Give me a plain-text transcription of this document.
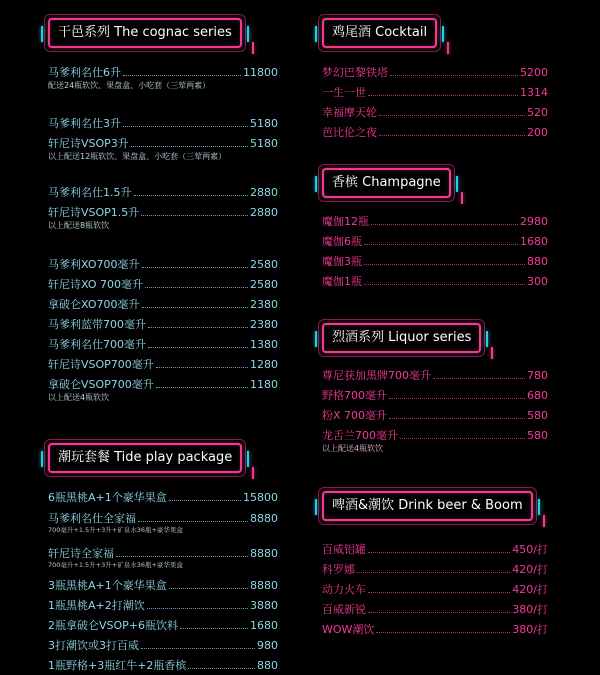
干邑系列 The cognac series
马爹利名仕6升	11800
配送24瓶软饮、果盘盒、小吃套（三荤两素）
马爹利名仕3升	5180
轩尼诗VSOP3升	5180
以上配送12瓶软饮、果盘盒、小吃套（三荤两素）
马爹利名仕1.5升	2880
轩尼诗VSOP1.5升	2880
以上配送8瓶软饮
马爹利XO700毫升	2580
轩尼诗XO 700毫升	2580
拿破仑XO700毫升	2380
马爹利蓝带700毫升	2380
马爹利名仕700毫升	1380
轩尼诗VSOP700毫升	1280
拿破仑VSOP700毫升	1180
以上配送4瓶软饮
潮玩套餐 Tide play package
6瓶黑桃A+1个豪华果盒	15800
马爹利名仕全家福	8880
700毫升+1.5升+3升+矿泉水36瓶+豪华果盒
轩尼诗全家福	8880
700毫升+1.5升+3升+矿泉水36瓶+豪华果盒
3瓶黑桃A+1个豪华果盒	8880
1瓶黑桃A+2打潮饮	3880
2瓶拿破仑VSOP+6瓶饮料	1680
3打潮饮或3打百威	980
1瓶野格+3瓶红牛+2瓶香槟	880
鸡尾酒 Cocktail
梦幻巴黎铁塔	5200
一生一世	1314
幸福摩天轮	520
芭比伦之夜	200
香槟 Champagne
魔伽12瓶	2980
魔伽6瓶	1680
魔伽3瓶	880
魔伽1瓶	300
烈酒系列 Liquor series
尊尼获加黑牌700毫升	780
野格700毫升	680
粉X 700毫升	580
龙舌兰700毫升	580
以上配送4瓶软饮
啤酒&潮饮 Drink beer & Boom
百威铝罐	450/打
科罗娜	420/打
动力火车	420/打
百威新锐	380/打
WOW潮饮	380/打
